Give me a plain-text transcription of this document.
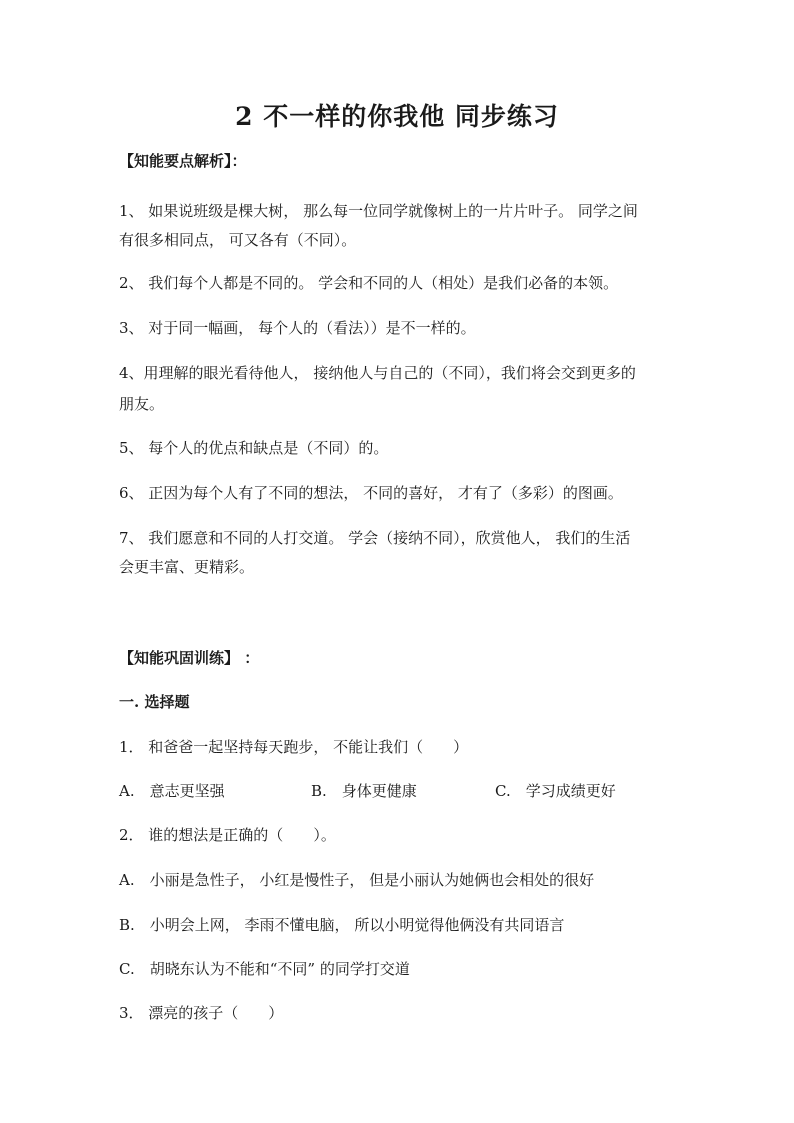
2 不一样的你我他 同步练习
【知能要点解析】：
1、 如果说班级是棵大树， 那么每一位同学就像树上的一片片叶子。 同学之间
有很多相同点， 可又各有（不同）。
2、 我们每个人都是不同的。 学会和不同的人（相处）是我们必备的本领。
3、 对于同一幅画， 每个人的（看法））是不一样的。
4、用理解的眼光看待他人， 接纳他人与自己的（不同），我们将会交到更多的
朋友。
5、 每个人的优点和缺点是（不同）的。
6、 正因为每个人有了不同的想法， 不同的喜好， 才有了（多彩）的图画。
7、 我们愿意和不同的人打交道。 学会（接纳不同），欣赏他人， 我们的生活
会更丰富、更精彩。
【知能巩固训练】 ：
一. 选择题
1． 和爸爸一起坚持每天跑步， 不能让我们（　　）
A.　意志更坚强	B.　身体更健康	C.　学习成绩更好
2． 谁的想法是正确的（　　）。
A.　小丽是急性子， 小红是慢性子， 但是小丽认为她俩也会相处的很好
B.　小明会上网， 李雨不懂电脑， 所以小明觉得他俩没有共同语言
C.　胡晓东认为不能和“不同” 的同学打交道
3． 漂亮的孩子（　　）
